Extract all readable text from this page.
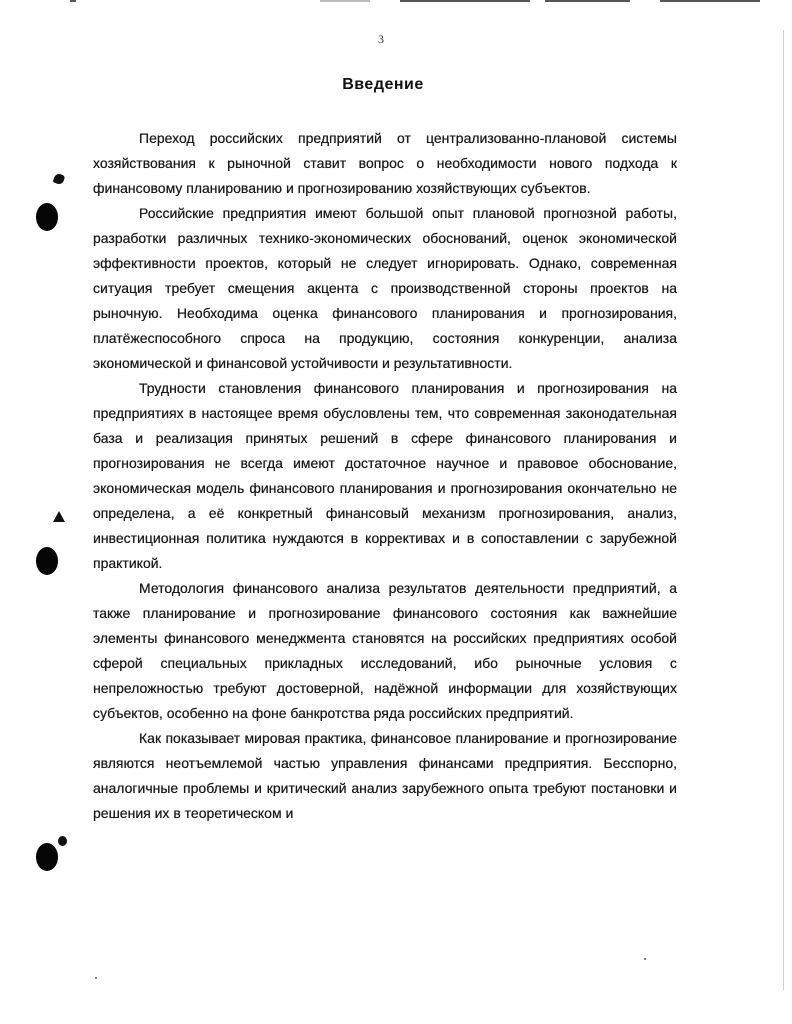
3
Введение

Переход российских предприятий от централизованно-плановой системы хозяйствования к рыночной ставит вопрос о необходимости нового подхода к финансовому планированию и прогнозированию хозяйствующих субъектов.

Российские предприятия имеют большой опыт плановой прогнозной работы, разработки различных технико-экономических обоснований, оценок экономической эффективности проектов, который не следует игнорировать. Однако, современная ситуация требует смещения акцента с производственной стороны проектов на рыночную. Необходима оценка финансового планирования и прогнозирования, платёжеспособного спроса на продукцию, состояния конкуренции, анализа экономической и финансовой устойчивости и результативности.

Трудности становления финансового планирования и прогнозирования на предприятиях в настоящее время обусловлены тем, что современная законодательная база и реализация принятых решений в сфере финансового планирования и прогнозирования не всегда имеют достаточное научное и правовое обоснование, экономическая модель финансового планирования и прогнозирования окончательно не определена, а её конкретный финансовый механизм прогнозирования, анализ, инвестиционная политика нуждаются в коррективах и в сопоставлении с зарубежной практикой.

Методология финансового анализа результатов деятельности предприятий, а также планирование и прогнозирование финансового состояния как важнейшие элементы финансового менеджмента становятся на российских предприятиях особой сферой специальных прикладных исследований, ибо рыночные условия с непреложностью требуют достоверной, надёжной информации для хозяйствующих субъектов, особенно на фоне банкротства ряда российских предприятий.

Как показывает мировая практика, финансовое планирование и прогнозирование являются неотъемлемой частью управления финансами предприятия. Бесспорно, аналогичные проблемы и критический анализ зарубежного опыта требуют постановки и решения их в теоретическом и
